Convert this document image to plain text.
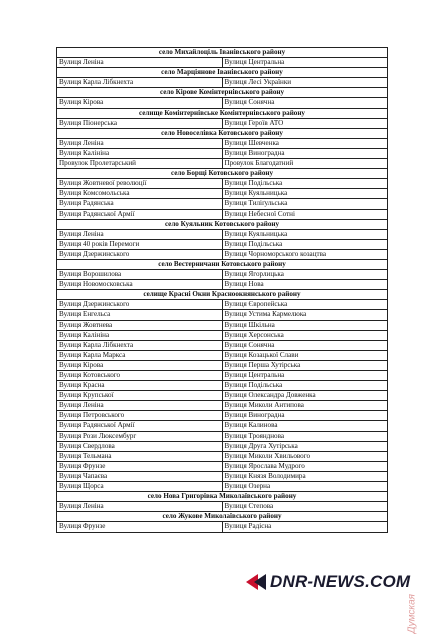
село Михайлоціль Іванівського району	
Вулиця Леніна	Вулиця Центральна
село Марціянове Іванівського району	
Вулиця Карла Лібкнехта	Вулиця Лесі Українки
село Кірове Комінтернівського району	
Вулиця Кірова	Вулиця Сонячна
селище Комінтернівське Комінтернівського району	
Вулиця Піонерська	Вулиця Героїв АТО
село Новоселівка Котовського району	
Вулиця Леніна	Вулиця Шевченка
Вулиця Калініна	Вулиця Виноградна
Провулок Пролетарський	Провулок Благодатний
село Борщі Котовського району	
Вулиця Жовтневої революції	Вулиця Подільська
Вулиця Комсомольська	Вулиця Куяльницька
Вулиця Радянська	Вулиця Тиліґульська
Вулиця Радянської Армії	Вулиця Небесної Сотні
село Куяльник Котовського району	
Вулиця Леніна	Вулиця Куяльницька
Вулиця 40 років Перемоги	Вулиця Подільська
Вулиця Дзержинського	Вулиця Чорноморського козацтва
село Вестерничани Котовського району	
Вулиця Ворошилова	Вулиця Ягорлицька
Вулиця Новомосковська	Вулиця Нова
селище Красні Окни Красноокнянського району	
Вулиця Дзержинського	Вулиця Європейська
Вулиця Енгельса	Вулиця Устима Кармелюка
Вулиця Жовтнева	Вулиця Шкільна
Вулиця Калініна	Вулиця Херсонська
Вулиця Карла Лібкнехта	Вулиця Сонячна
Вулиця Карла Маркса	Вулиця Козацької Слави
Вулиця Кірова	Вулиця Перша Хутірська
Вулиця Котовського	Вулиця Центральна
Вулиця Красна	Вулиця Подільська
Вулиця Крупської	Вулиця Олександра Довженка
Вулиця Леніна	Вулиця Миколи Антипова
Вулиця Петровського	Вулиця Виноградна
Вулиця Радянської Армії	Вулиця Калинова
Вулиця Рози Люксембург	Вулиця Троянднова
Вулиця Свердлова	Вулиця Друга Хутірська
Вулиця Тельмана	Вулиця Миколи Хвильового
Вулиця Фрунзе	Вулиця Ярослава Мудрого
Вулиця Чапаєва	Вулиця Князя Володимира
Вулиця Щорса	Вулиця Озерна
село Нова Григорівка Миколаївського району	
Вулиця Леніна	Вулиця Степова
село Жукове Миколаївського району	
Вулиця Фрунзе	Вулиця Радісна
DNR-NEWS.COM
Думская
